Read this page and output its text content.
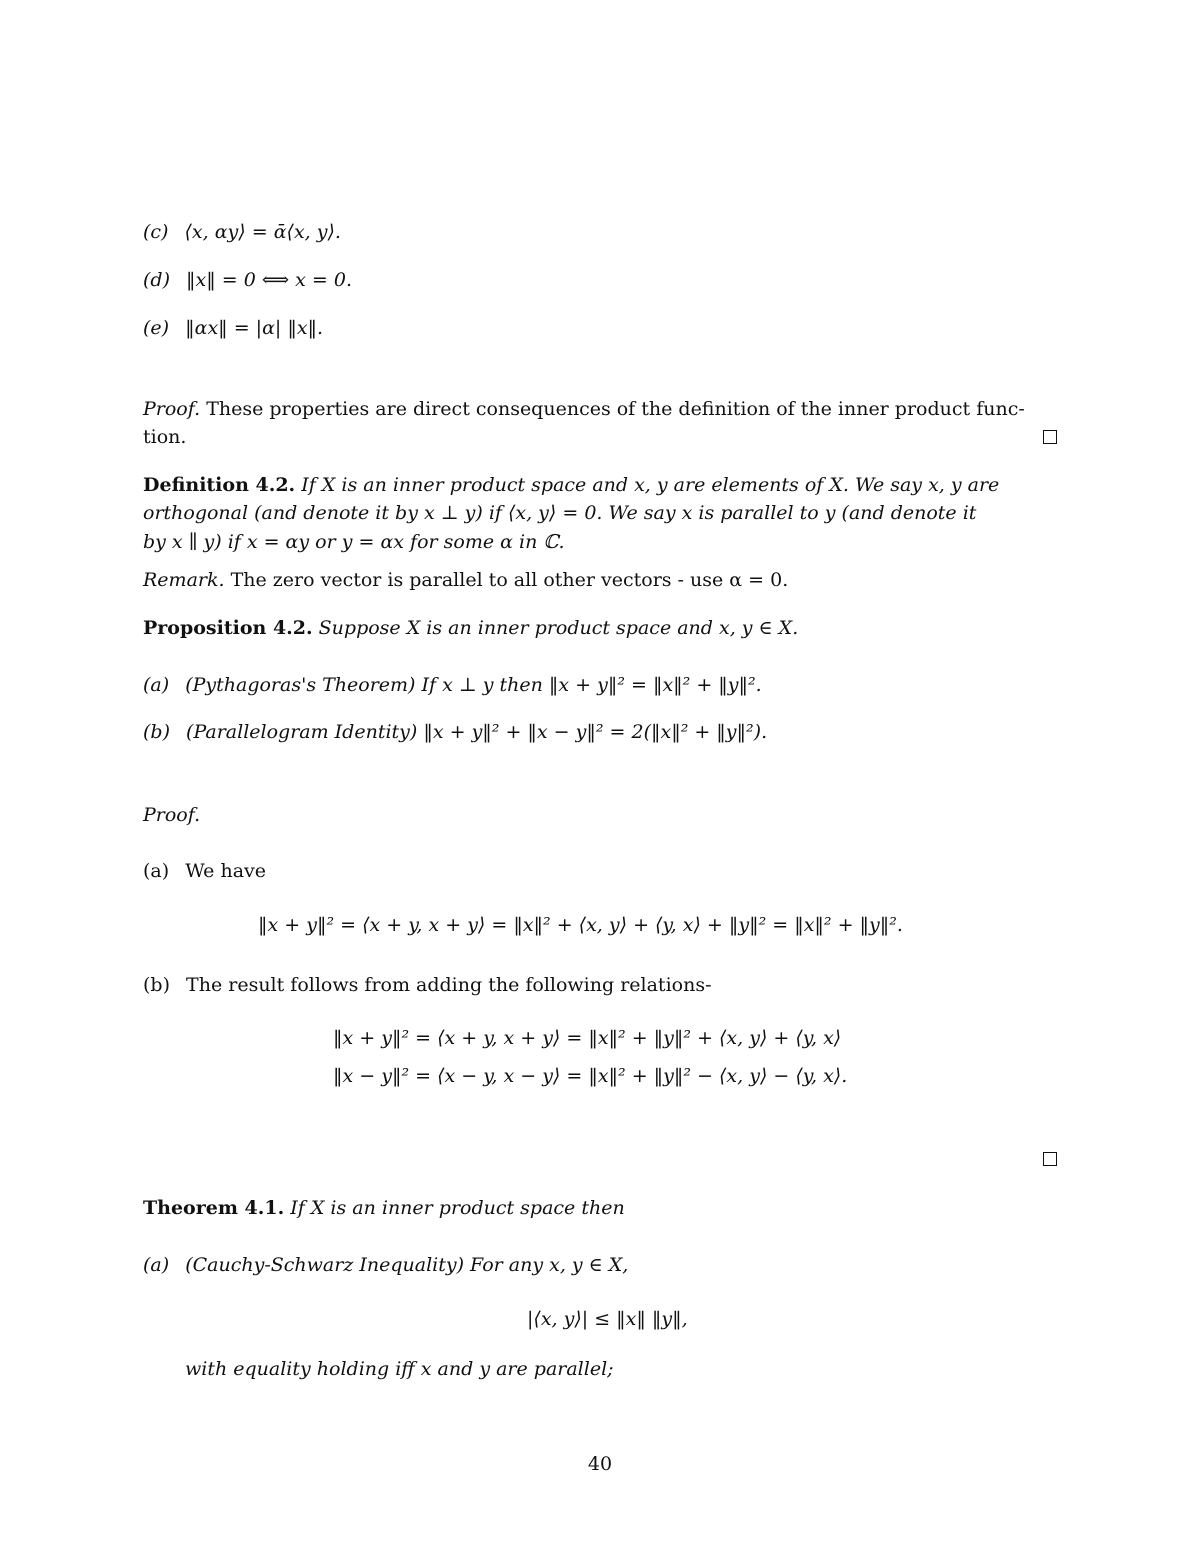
(c) ⟨x, αy⟩ = ᾱ⟨x, y⟩.
(d) ‖x‖ = 0 ⟺ x = 0.
(e) ‖αx‖ = |α| ‖x‖.
Proof. These properties are direct consequences of the definition of the inner product func-
tion.
Definition 4.2. If X is an inner product space and x, y are elements of X. We say x, y are
orthogonal (and denote it by x ⊥ y) if ⟨x, y⟩ = 0. We say x is parallel to y (and denote it
by x ∥ y) if x = αy or y = αx for some α in ℂ.
Remark. The zero vector is parallel to all other vectors - use α = 0.
Proposition 4.2. Suppose X is an inner product space and x, y ∈ X.
(a) (Pythagoras's Theorem) If x ⊥ y then ‖x + y‖² = ‖x‖² + ‖y‖².
(b) (Parallelogram Identity) ‖x + y‖² + ‖x − y‖² = 2(‖x‖² + ‖y‖²).
Proof.
(a) We have
‖x + y‖² = ⟨x + y, x + y⟩ = ‖x‖² + ⟨x, y⟩ + ⟨y, x⟩ + ‖y‖² = ‖x‖² + ‖y‖².
(b) The result follows from adding the following relations-
‖x + y‖² = ⟨x + y, x + y⟩ = ‖x‖² + ‖y‖² + ⟨x, y⟩ + ⟨y, x⟩
‖x − y‖² = ⟨x − y, x − y⟩ = ‖x‖² + ‖y‖² − ⟨x, y⟩ − ⟨y, x⟩.
Theorem 4.1. If X is an inner product space then
(a) (Cauchy-Schwarz Inequality) For any x, y ∈ X,
|⟨x, y⟩| ≤ ‖x‖ ‖y‖,
with equality holding iff x and y are parallel;
40
